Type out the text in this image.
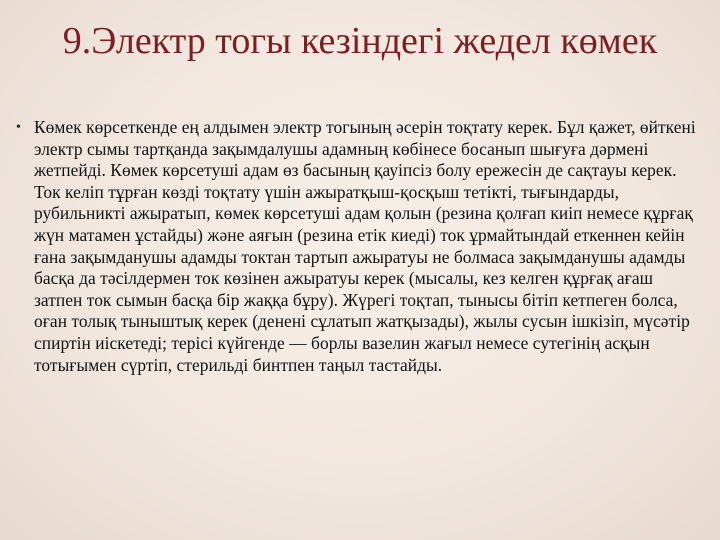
9.Электр тогы кезіндегі жедел көмек
• Көмек көрсеткенде ең алдымен электр тогының әсерін тоқтату керек. Бұл қажет, өйткені электр сымы тартқанда зақымдалушы адамның көбінесе босанып шығуға дәрмені жетпейді. Көмек көрсетуші адам өз басының қауіпсіз болу ережесін де сақтауы керек. Ток келіп тұрған көзді тоқтату үшін ажыратқыш-қосқыш тетікті, тығындарды, рубильникті ажыратып, көмек көрсетуші адам қолын (резина қолғап киіп немесе құрғақ жүн матамен ұстайды) және аяғын (резина етік киеді) ток ұрмайтындай еткеннен кейін ғана зақымданушы адамды токтан тартып ажыратуы не болмаса зақымданушы адамды басқа да тәсілдермен ток көзінен ажыратуы керек (мысалы, кез келген құрғақ ағаш затпен ток сымын басқа бір жаққа бұру). Жүрегі тоқтап, тынысы бітіп кетпеген болса, оған толық тыныштық керек (денені сұлатып жатқызады), жылы сусын ішкізіп, мүсәтір спиртін иіскетеді; терісі күйгенде — борлы вазелин жағыл немесе сутегінің асқын тотығымен сүртіп, стерильді бинтпен таңыл тастайды.
